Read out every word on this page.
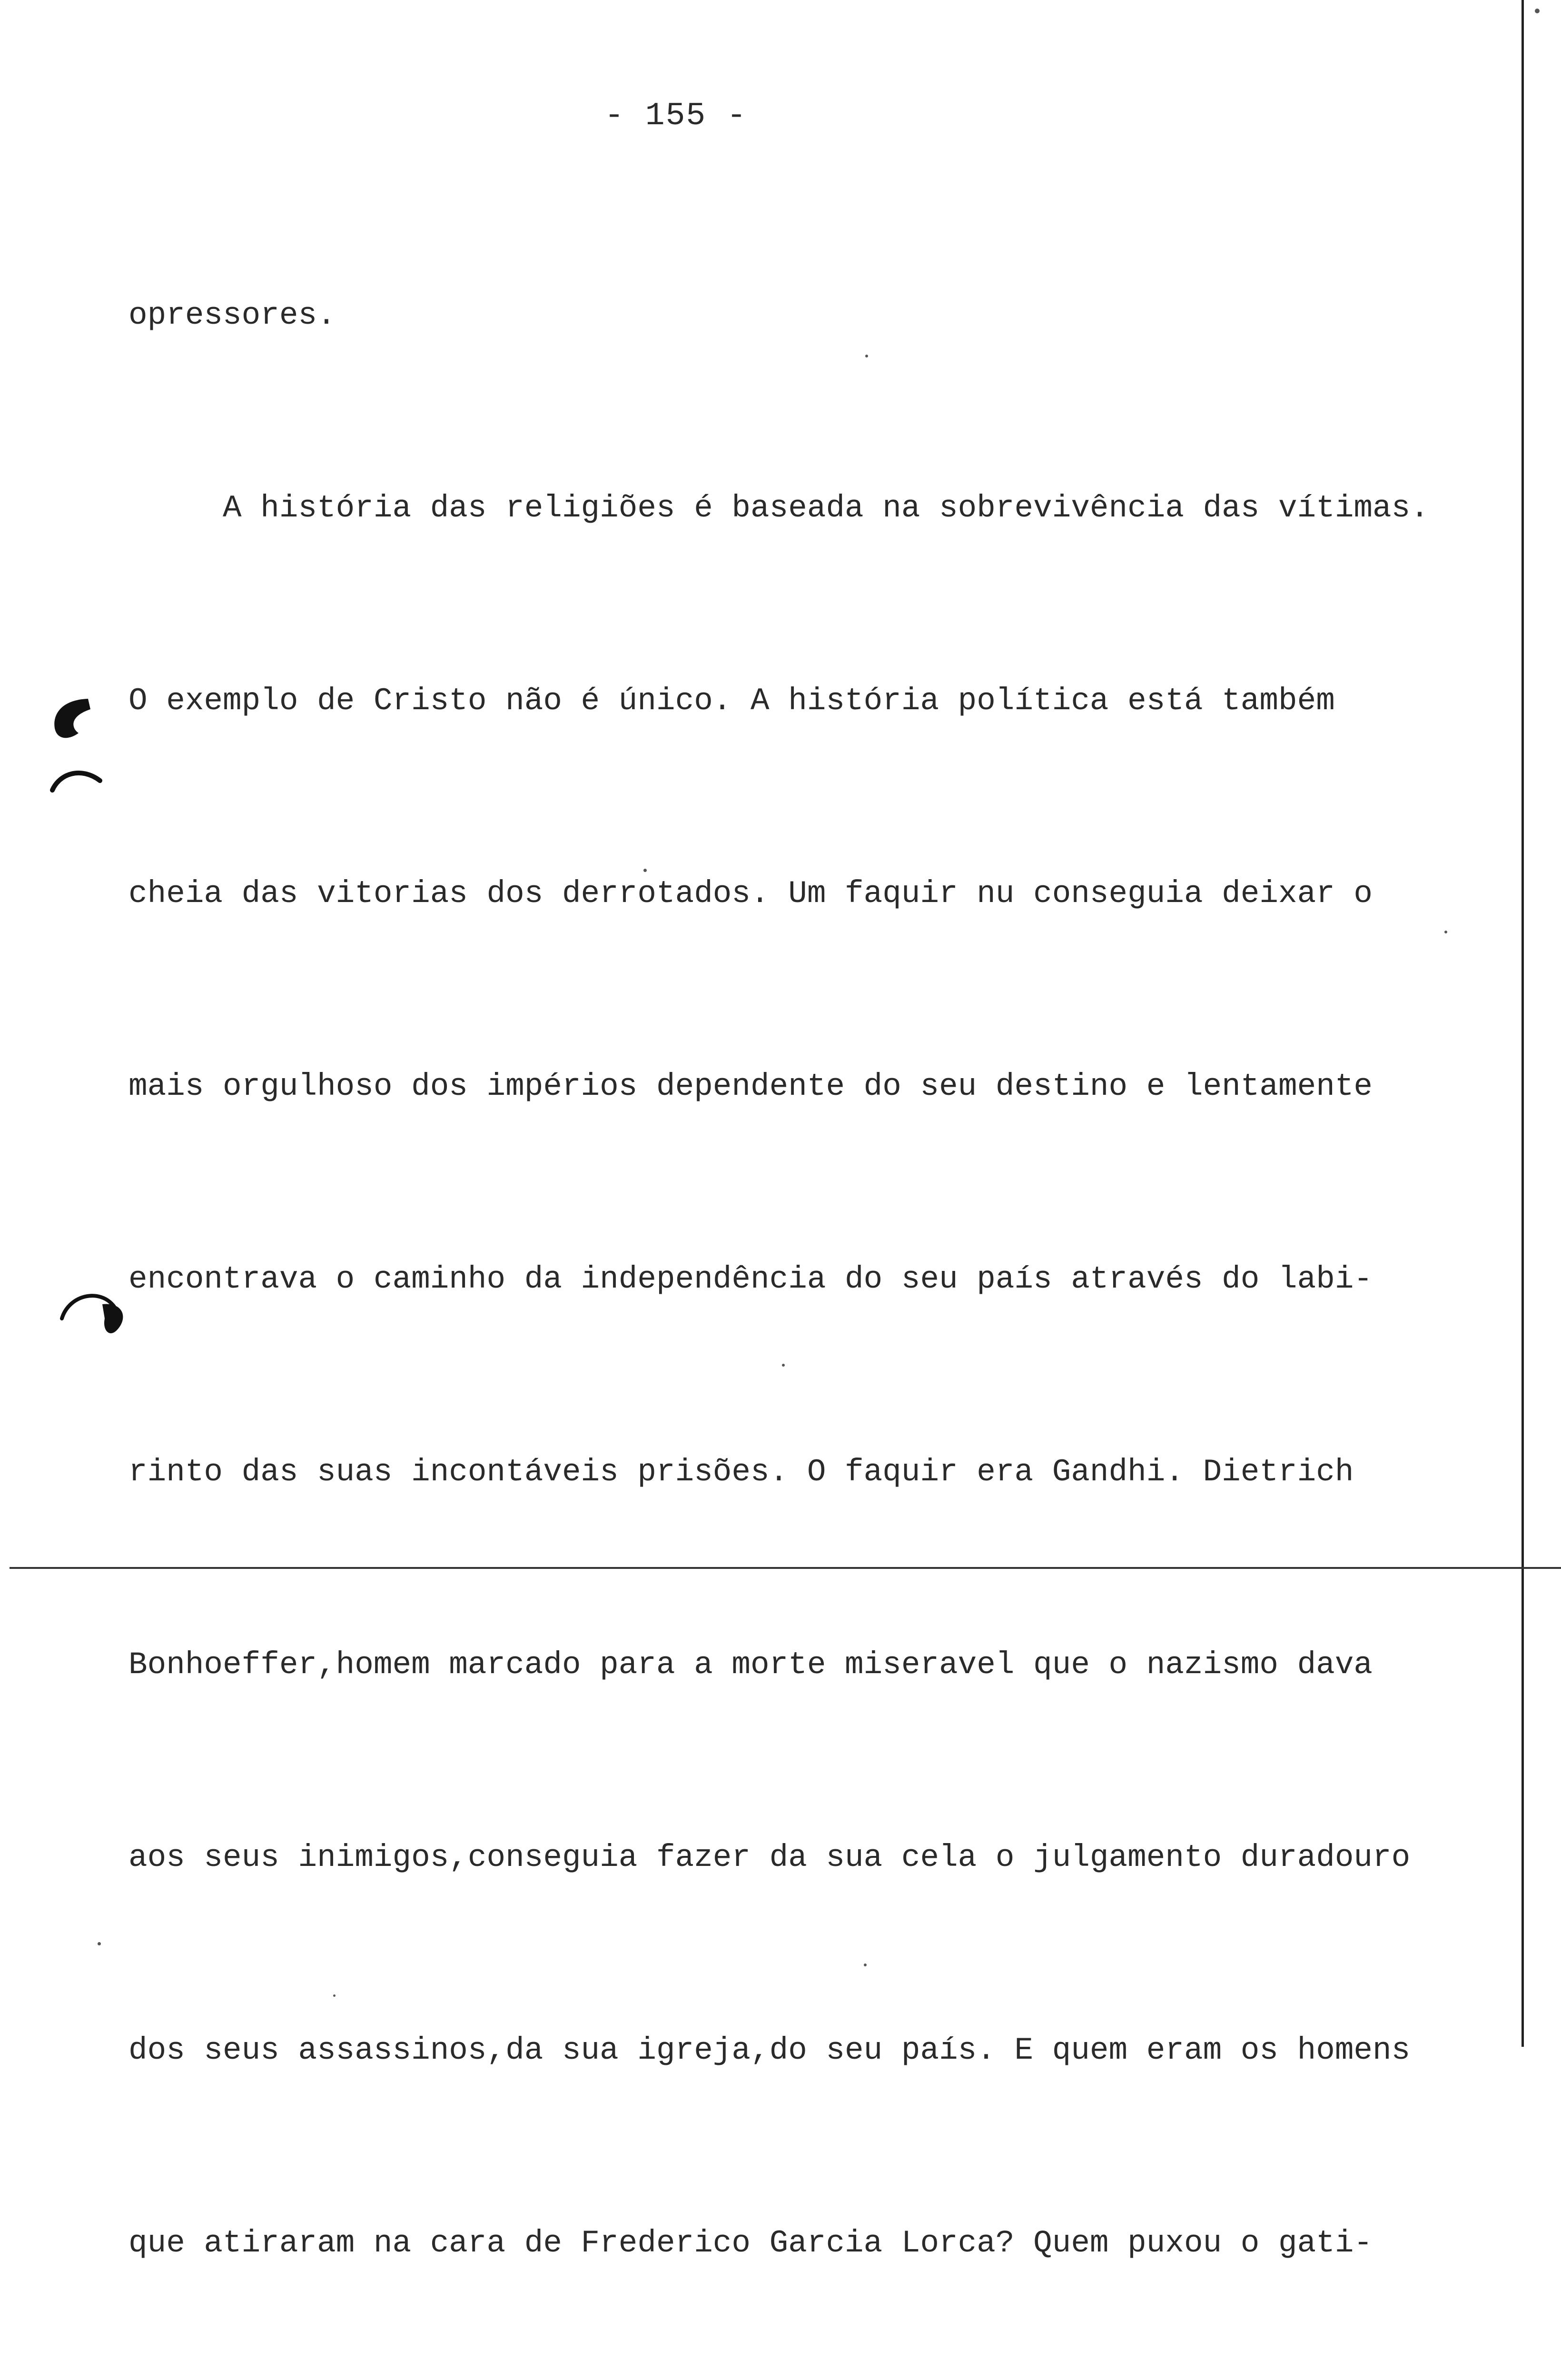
- 155 -

opressores.

A história das religiões é baseada na sobrevivência das vítimas.

O exemplo de Cristo não é único. A história política está também

cheia das vitorias dos derrotados. Um faquir nu conseguia deixar o

mais orgulhoso dos impérios dependente do seu destino e lentamente

encontrava o caminho da independência do seu país através do labi-

rinto das suas incontáveis prisões. O faquir era Gandhi. Dietrich

Bonhoeffer,homem marcado para a morte miseravel que o nazismo dava

aos seus inimigos,conseguia fazer da sua cela o julgamento duradouro

dos seus assassinos,da sua igreja,do seu país. E quem eram os homens

que atiraram na cara de Frederico Garcia Lorca? Quem puxou o gati-
